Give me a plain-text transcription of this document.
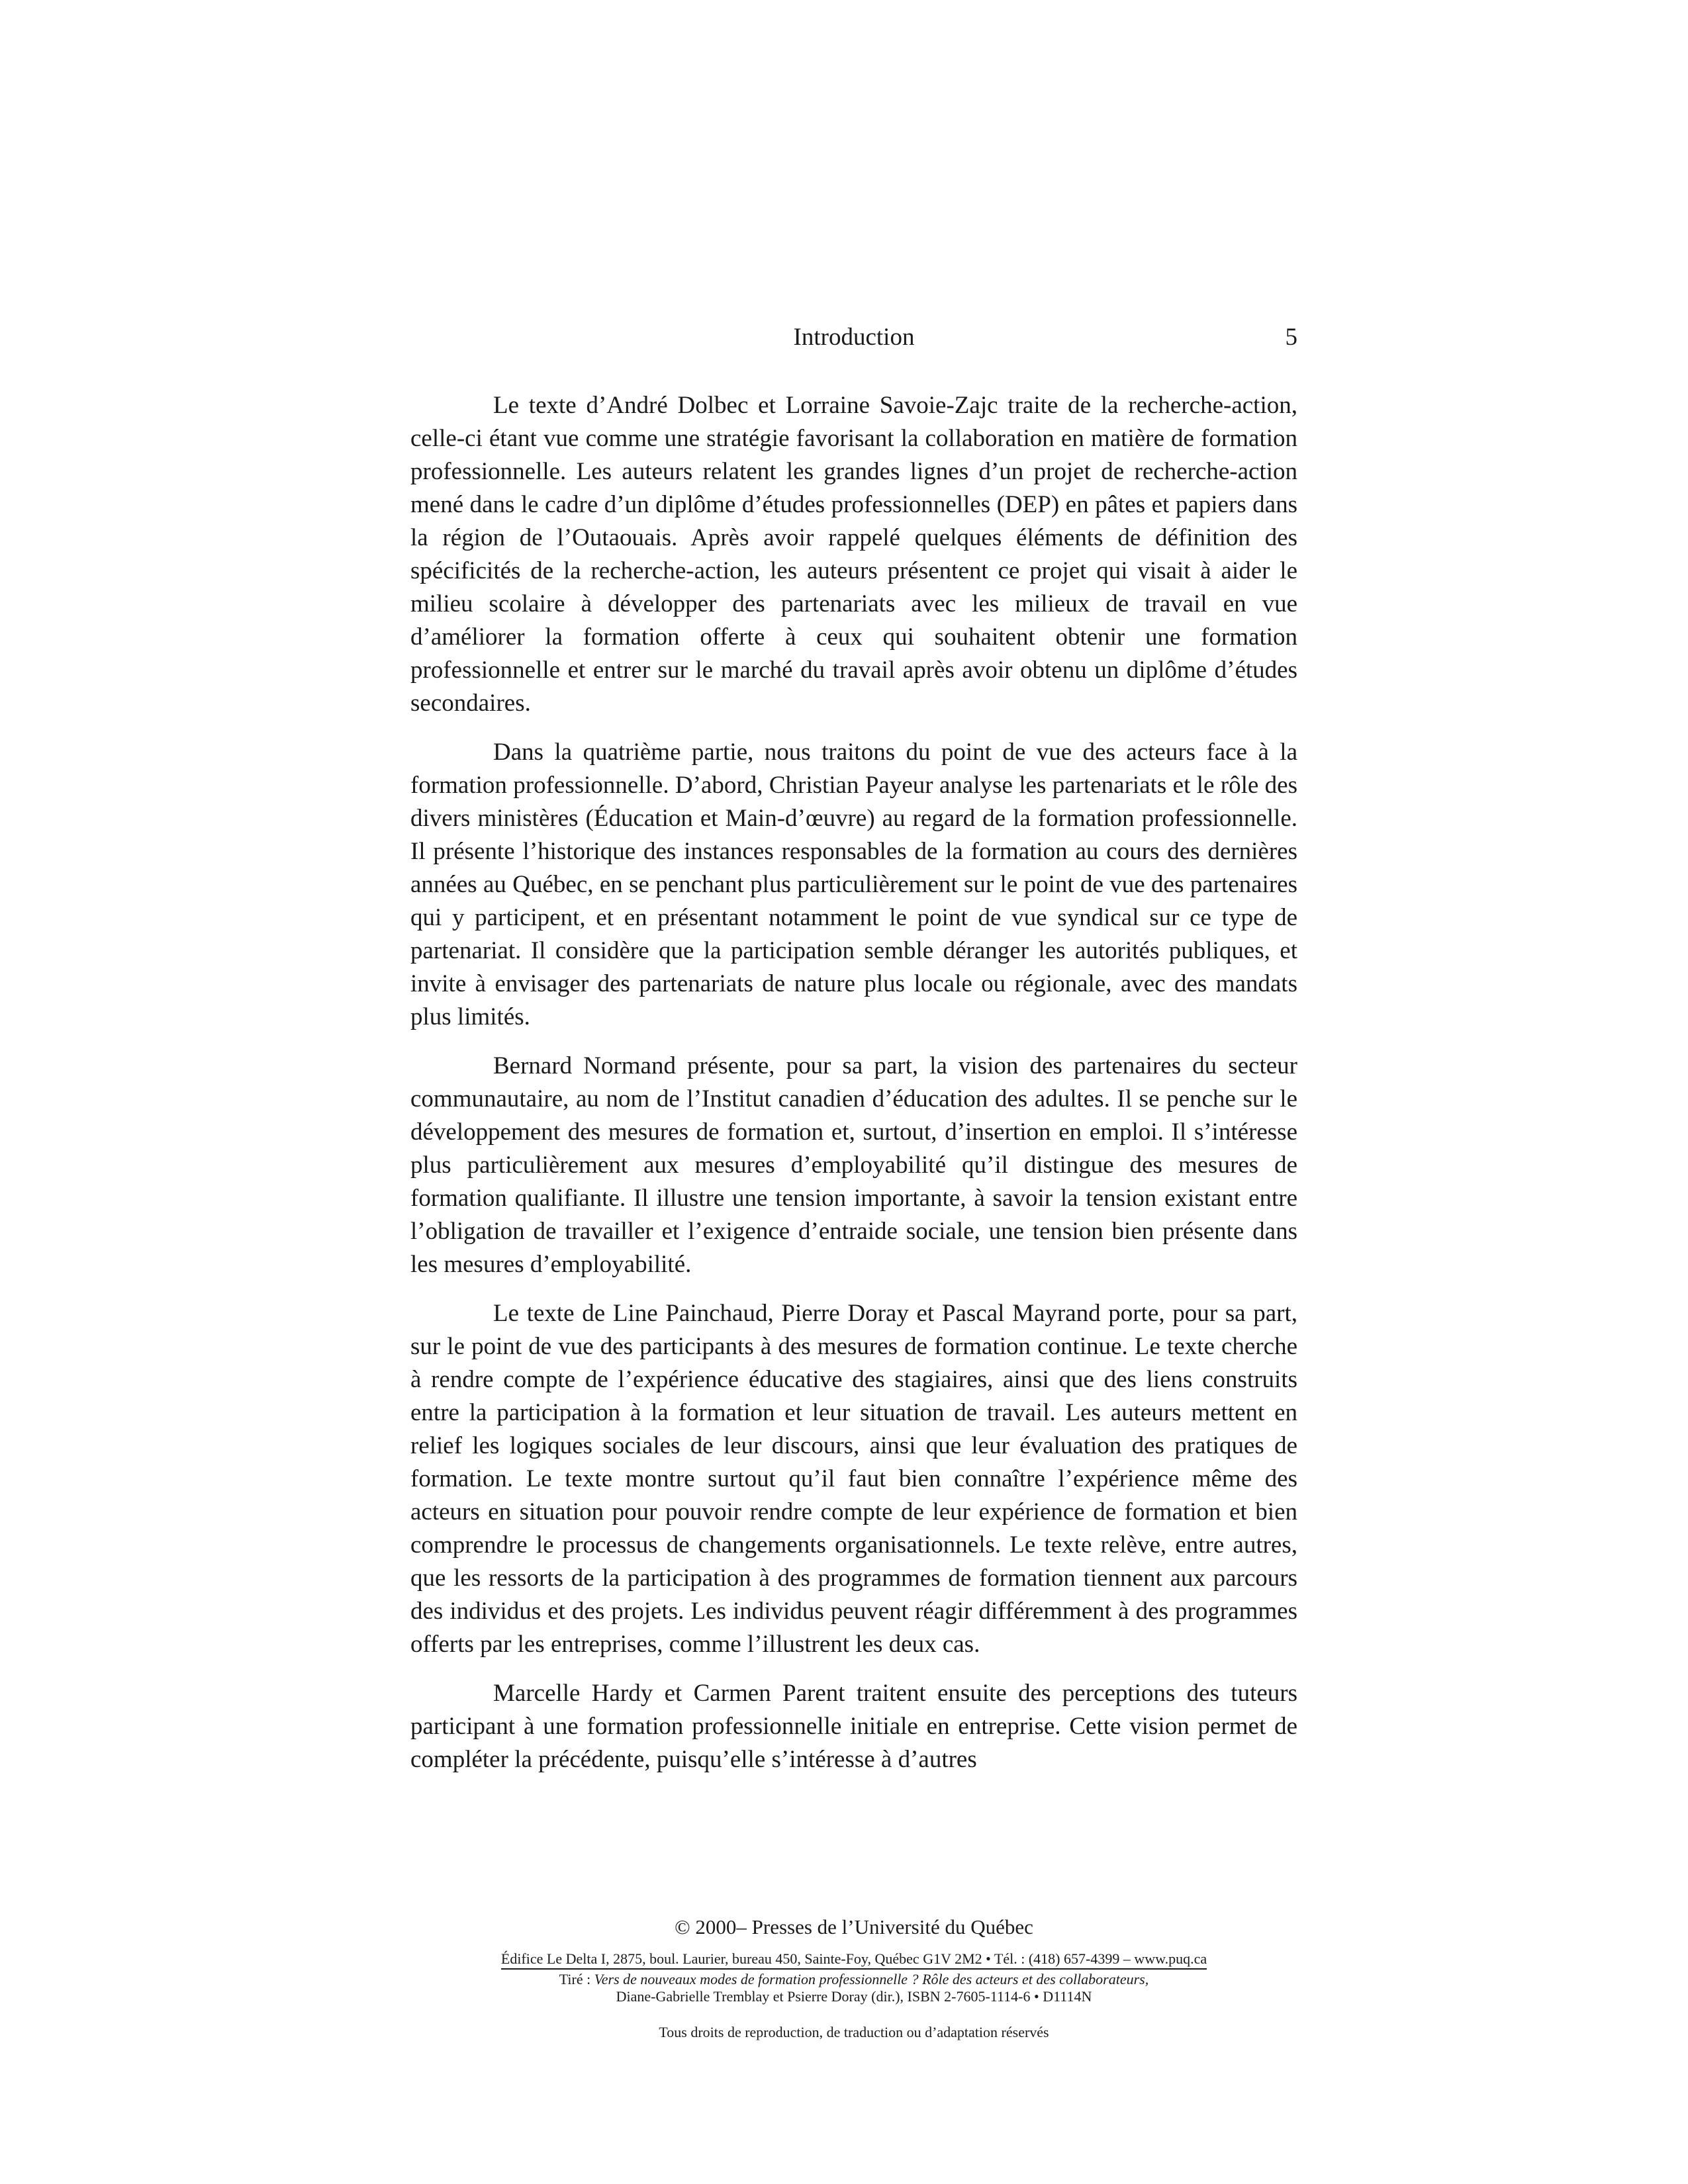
Introduction	5

Le texte d’André Dolbec et Lorraine Savoie-Zajc traite de la recherche-action, celle-ci étant vue comme une stratégie favorisant la collaboration en matière de formation professionnelle. Les auteurs relatent les grandes lignes d’un projet de recherche-action mené dans le cadre d’un diplôme d’études professionnelles (DEP) en pâtes et papiers dans la région de l’Outaouais. Après avoir rappelé quelques éléments de définition des spécificités de la recherche-action, les auteurs présentent ce projet qui visait à aider le milieu scolaire à développer des partenariats avec les milieux de travail en vue d’améliorer la formation offerte à ceux qui souhaitent obtenir une formation professionnelle et entrer sur le marché du travail après avoir obtenu un diplôme d’études secondaires.

Dans la quatrième partie, nous traitons du point de vue des acteurs face à la formation professionnelle. D’abord, Christian Payeur analyse les partenariats et le rôle des divers ministères (Éducation et Main-d’œuvre) au regard de la formation professionnelle. Il présente l’historique des instances responsables de la formation au cours des dernières années au Québec, en se penchant plus particulièrement sur le point de vue des partenaires qui y participent, et en présentant notamment le point de vue syndical sur ce type de partenariat. Il considère que la participation semble déranger les autorités publiques, et invite à envisager des partenariats de nature plus locale ou régionale, avec des mandats plus limités.

Bernard Normand présente, pour sa part, la vision des partenaires du secteur communautaire, au nom de l’Institut canadien d’éducation des adultes. Il se penche sur le développement des mesures de formation et, surtout, d’insertion en emploi. Il s’intéresse plus particulièrement aux mesures d’employabilité qu’il distingue des mesures de formation qualifiante. Il illustre une tension importante, à savoir la tension existant entre l’obligation de travailler et l’exigence d’entraide sociale, une tension bien présente dans les mesures d’employabilité.

Le texte de Line Painchaud, Pierre Doray et Pascal Mayrand porte, pour sa part, sur le point de vue des participants à des mesures de formation continue. Le texte cherche à rendre compte de l’expérience éducative des stagiaires, ainsi que des liens construits entre la participation à la formation et leur situation de travail. Les auteurs mettent en relief les logiques sociales de leur discours, ainsi que leur évaluation des pratiques de formation. Le texte montre surtout qu’il faut bien connaître l’expérience même des acteurs en situation pour pouvoir rendre compte de leur expérience de formation et bien comprendre le processus de changements organisationnels. Le texte relève, entre autres, que les ressorts de la participation à des programmes de formation tiennent aux parcours des individus et des projets. Les individus peuvent réagir différemment à des programmes offerts par les entreprises, comme l’illustrent les deux cas.

Marcelle Hardy et Carmen Parent traitent ensuite des perceptions des tuteurs participant à une formation professionnelle initiale en entreprise. Cette vision permet de compléter la précédente, puisqu’elle s’intéresse à d’autres

© 2000– Presses de l’Université du Québec
Édifice Le Delta I, 2875, boul. Laurier, bureau 450, Sainte-Foy, Québec G1V 2M2 • Tél. : (418) 657-4399 – www.puq.ca
Tiré : Vers de nouveaux modes de formation professionnelle ? Rôle des acteurs et des collaborateurs,
Diane-Gabrielle Tremblay et Psierre Doray (dir.), ISBN 2-7605-1114-6 • D1114N
Tous droits de reproduction, de traduction ou d’adaptation réservés
